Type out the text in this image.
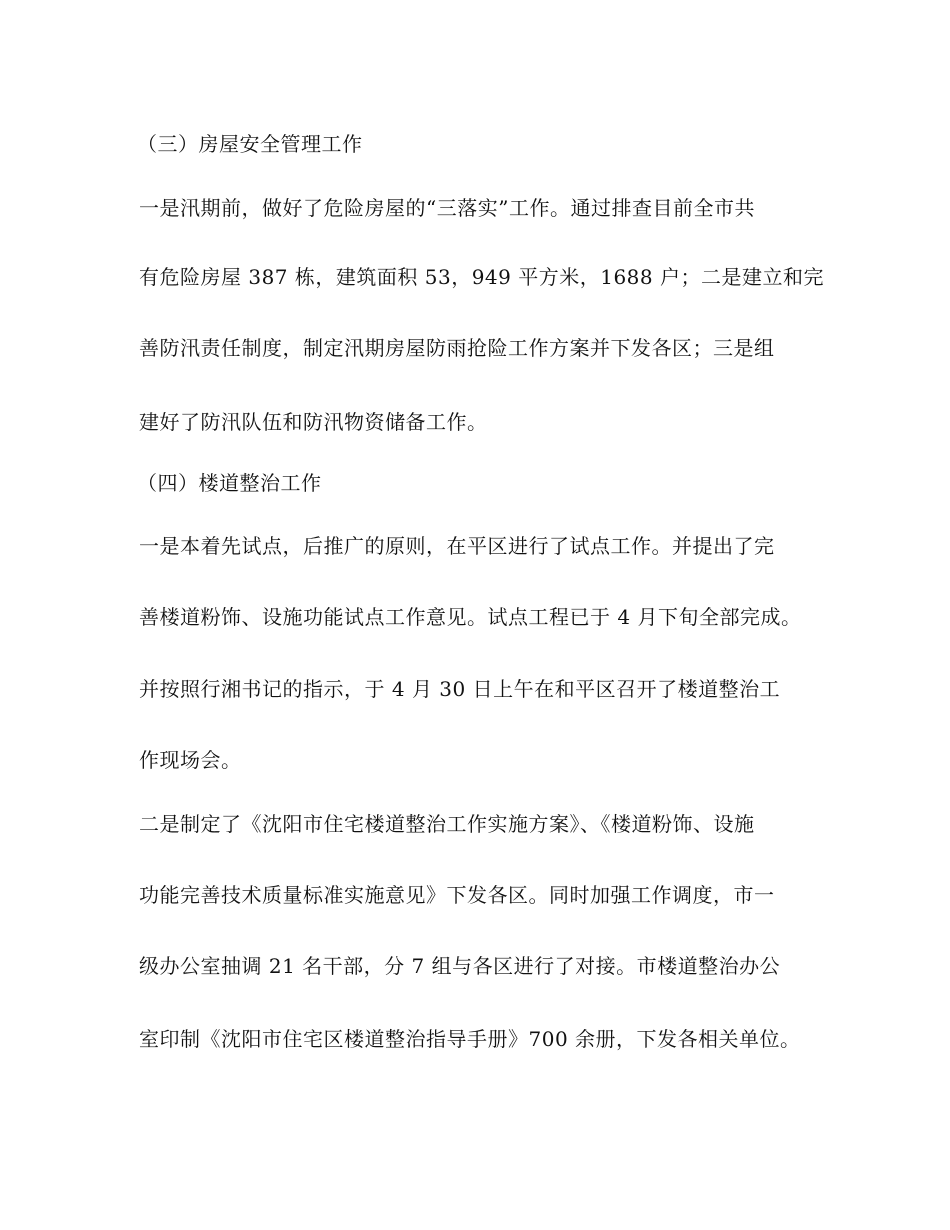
（三）房屋安全管理工作
一是汛期前，做好了危险房屋的“三落实”工作。通过排查目前全市共
有危险房屋 387 栋，建筑面积 53，949 平方米，1688 户；二是建立和完
善防汛责任制度，制定汛期房屋防雨抢险工作方案并下发各区；三是组
建好了防汛队伍和防汛物资储备工作。
（四）楼道整治工作
一是本着先试点，后推广的原则，在平区进行了试点工作。并提出了完
善楼道粉饰、设施功能试点工作意见。试点工程已于 4 月下旬全部完成。
并按照行湘书记的指示，于 4 月 30 日上午在和平区召开了楼道整治工
作现场会。
二是制定了《沈阳市住宅楼道整治工作实施方案》、《楼道粉饰、设施
功能完善技术质量标准实施意见》下发各区。同时加强工作调度，市一
级办公室抽调 21 名干部，分 7 组与各区进行了对接。市楼道整治办公
室印制《沈阳市住宅区楼道整治指导手册》700 余册，下发各相关单位。
